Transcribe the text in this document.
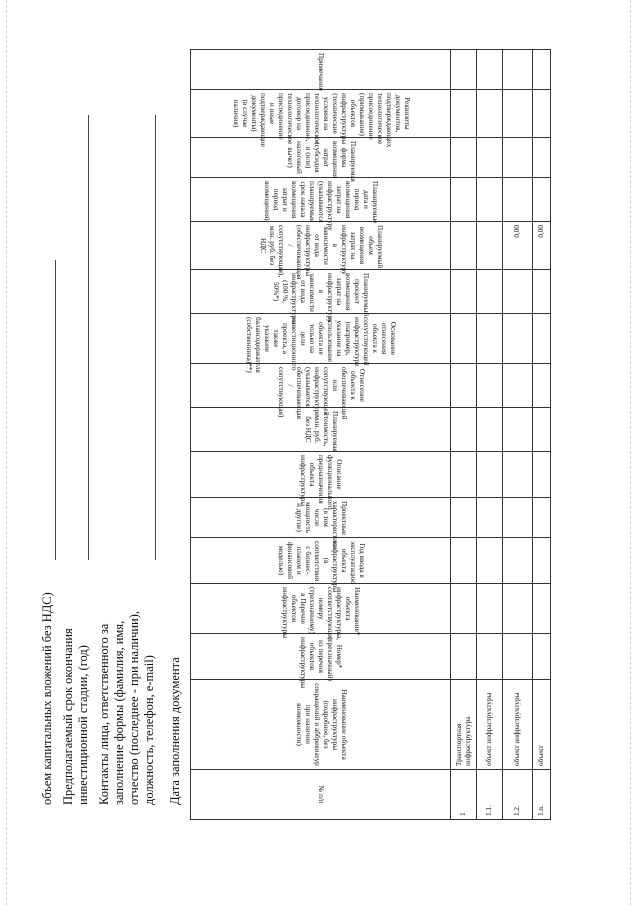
объем капитальных вложений без НДС) Предполагаемый срок окончания инвестиционной стадии, (год) Контакты лица, ответственного за заполнение формы (фамилия, имя, отчество (последнее - при наличии), должность, телефон, e-mail) Дата заполнения документа	№ п/п	Наименование объекта инфраструктуры (подробное, без сокращений и аббревиатур при наличии возможности)	Номер* (трехзначный) из перечня объектов инфраструктуры	Наименование* объекта инфраструктуры, соответствующее номеру (трехзначному) в Перечне объектов инфраструктуры	Год ввода в эксплуатацию объекта инфраструктуры (в соответствии с бизнес-планом и финансовой моделью)	Проектные характеристики (в том числе мощность и другие)	Описание функционального предназначения объекта инфраструктуры	Планируемая стоимость, млн. руб. без НДС	Отнесение объекта к обеспечивающей или сопутствующей инфраструктуре (указывается: обеспечивающая / сопутствующая)	Основание отнесения объекта к сопутствующей инфраструктуре (например, указание на использование объекта не только на цели инвестиционного проекта, а также указание балансодержателя (собственника)**)	Планируемый процент возмещения затрат на инфраструктуру в зависимости от вида инфраструктуры (100 %, 50%*)	Планируемый объем возмещения затрат на инфраструктуру в зависимости от вида инфраструктуры (обеспечивающая / сопутствующая), млн. руб. без НДС	Планируемые дата и период возмещения затрат на инфраструктуру (указываются планируемые срок начала возмещения затрат и период возмещения)	Планируемая форма возмещения затрат (субсидия и (или) налоговый вычет)	Реквизиты документов, подтверждающих технологическое присоединение (примыкание) объектов инфраструктуры (технические условия на технологическое присоединение, договор на технологическое присоединение и иные подтверждающие документы) (в случае наличия)	Примечание

1	Транспортная инфраструктура														
1.1.	объект инфраструктуры														
1.2.	объект инфраструктуры										0,00				
1.n.	объект										0,00				
